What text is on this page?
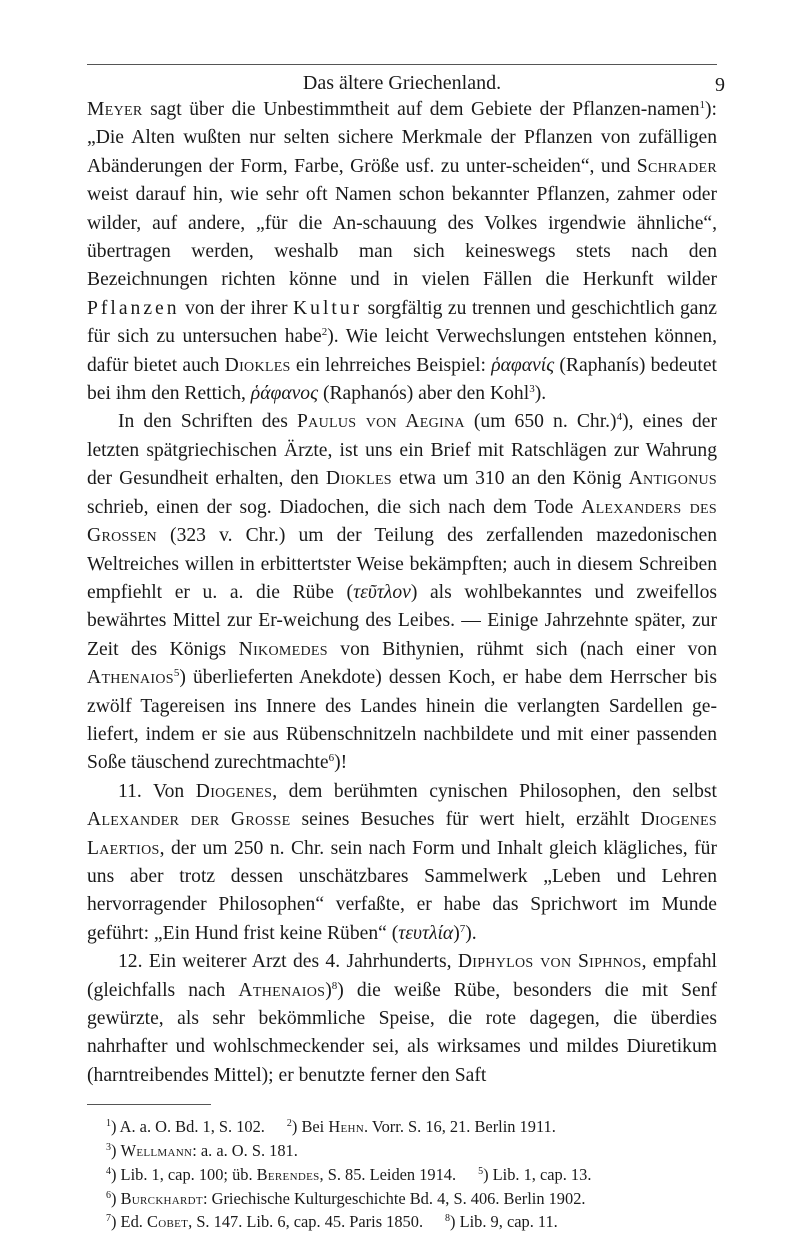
Das ältere Griechenland.	9

Meyer sagt über die Unbestimmtheit auf dem Gebiete der Pflanzen-namen$^1$): „Die Alten wußten nur selten sichere Merkmale der Pflanzen von zufälligen Abänderungen der Form, Farbe, Größe usf. zu unter-scheiden“, und Schrader weist darauf hin, wie sehr oft Namen schon bekannter Pflanzen, zahmer oder wilder, auf andere, „für die An-schauung des Volkes irgendwie ähnliche“, übertragen werden, weshalb man sich keineswegs stets nach den Bezeichnungen richten könne und in vielen Fällen die Herkunft wilder Pflanzen von der ihrer Kultur sorgfältig zu trennen und geschichtlich ganz für sich zu untersuchen habe$^2$). Wie leicht Verwechslungen entstehen können, dafür bietet auch Diokles ein lehrreiches Beispiel: ῥαφανίς (Raphanís) bedeutet bei ihm den Rettich, ῥάφανος (Raphanós) aber den Kohl$^3$).

In den Schriften des Paulus von Aegina (um 650 n. Chr.)$^4$), eines der letzten spätgriechischen Ärzte, ist uns ein Brief mit Ratschlägen zur Wahrung der Gesundheit erhalten, den Diokles etwa um 310 an den König Antigonus schrieb, einen der sog. Diadochen, die sich nach dem Tode Alexanders des Grossen (323 v. Chr.) um der Teilung des zerfallenden mazedonischen Weltreiches willen in erbittertster Weise bekämpften; auch in diesem Schreiben empfiehlt er u. a. die Rübe (τεῦτλον) als wohlbekanntes und zweifellos bewährtes Mittel zur Er-weichung des Leibes. — Einige Jahrzehnte später, zur Zeit des Königs Nikomedes von Bithynien, rühmt sich (nach einer von Athenaios$^5$) überlieferten Anekdote) dessen Koch, er habe dem Herrscher bis zwölf Tagereisen ins Innere des Landes hinein die verlangten Sardellen ge-liefert, indem er sie aus Rübenschnitzeln nachbildete und mit einer passenden Soße täuschend zurechtmachte$^6$)!

11. Von Diogenes, dem berühmten cynischen Philosophen, den selbst Alexander der Grosse seines Besuches für wert hielt, erzählt Diogenes Laertios, der um 250 n. Chr. sein nach Form und Inhalt gleich klägliches, für uns aber trotz dessen unschätzbares Sammelwerk „Leben und Lehren hervorragender Philosophen“ verfaßte, er habe das Sprichwort im Munde geführt: „Ein Hund frist keine Rüben“ $(\tau\varepsilon\upsilon\tau\lambda ί\alpha)^7$).

12. Ein weiterer Arzt des 4. Jahrhunderts, Diphylos von Siphnos, empfahl (gleichfalls nach Athenaios)$^8$) die weiße Rübe, besonders die mit Senf gewürzte, als sehr bekömmliche Speise, die rote dagegen, die überdies nahrhafter und wohlschmeckender sei, als wirksames und mildes Diuretikum (harntreibendes Mittel); er benutzte ferner den Saft

$^1$) A. a. O. Bd. 1, S. 102. $^2$) Bei Hehn. Vorr. S. 16, 21. Berlin 1911.
$^3$) Wellmann: a. a. O. S. 181.
$^4$) Lib. 1, cap. 100; üb. Berendes, S. 85. Leiden 1914. $^5$) Lib. 1, cap. 13.
$^6$) Burckhardt: Griechische Kulturgeschichte Bd. 4, S. 406. Berlin 1902.
$^7$) Ed. Cobet, S. 147. Lib. 6, cap. 45. Paris 1850. $^8$) Lib. 9, cap. 11.
